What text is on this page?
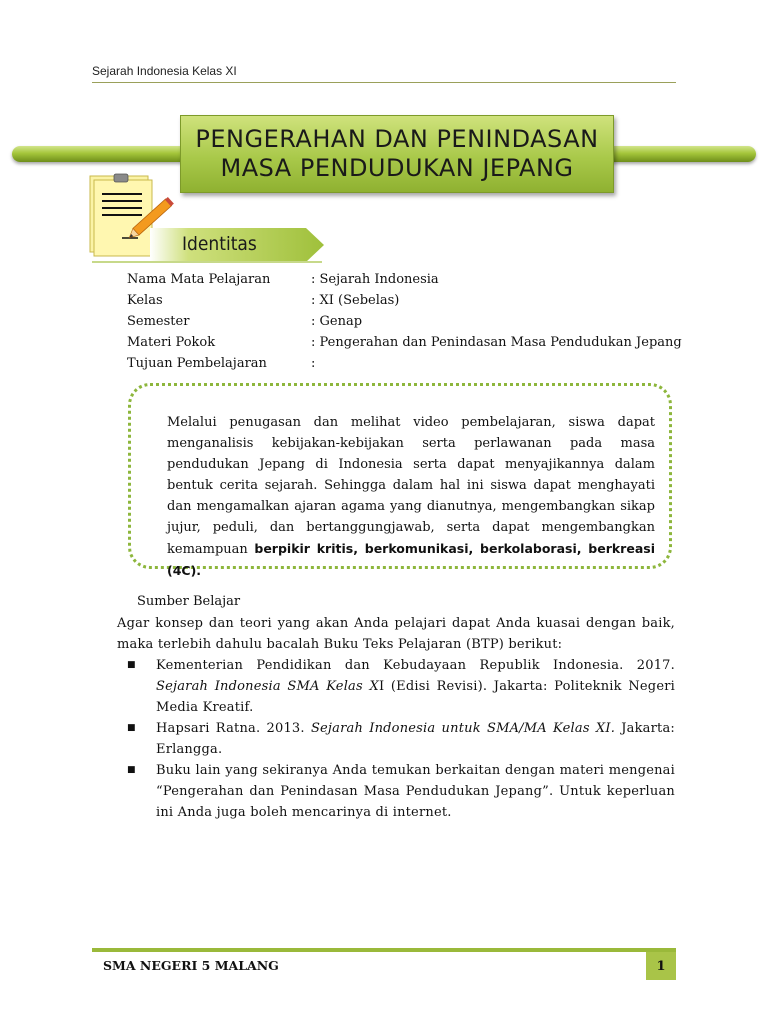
Sejarah Indonesia Kelas XI
PENGERAHAN DAN PENINDASAN
MASA PENDUDUKAN JEPANG
Identitas
Nama Mata Pelajaran	: Sejarah Indonesia
Kelas	: XI (Sebelas)
Semester	: Genap
Materi Pokok	: Pengerahan dan Penindasan Masa Pendudukan Jepang
Tujuan Pembelajaran	:
Melalui penugasan dan melihat video pembelajaran, siswa dapat menganalisis kebijakan-kebijakan serta perlawanan pada masa pendudukan Jepang di Indonesia serta dapat menyajikannya dalam bentuk cerita sejarah. Sehingga dalam hal ini siswa dapat menghayati dan mengamalkan ajaran agama yang dianutnya, mengembangkan sikap jujur, peduli, dan bertanggungjawab, serta dapat mengembangkan kemampuan berpikir kritis, berkomunikasi, berkolaborasi, berkreasi (4C).
Sumber Belajar
Agar konsep dan teori yang akan Anda pelajari dapat Anda kuasai dengan baik, maka terlebih dahulu bacalah Buku Teks Pelajaran (BTP) berikut:
■ Kementerian Pendidikan dan Kebudayaan Republik Indonesia. 2017. Sejarah Indonesia SMA Kelas XI (Edisi Revisi). Jakarta: Politeknik Negeri Media Kreatif.
■ Hapsari Ratna. 2013. Sejarah Indonesia untuk SMA/MA Kelas XI. Jakarta: Erlangga.
■ Buku lain yang sekiranya Anda temukan berkaitan dengan materi mengenai “Pengerahan dan Penindasan Masa Pendudukan Jepang”. Untuk keperluan ini Anda juga boleh mencarinya di internet.
SMA NEGERI 5 MALANG	1
